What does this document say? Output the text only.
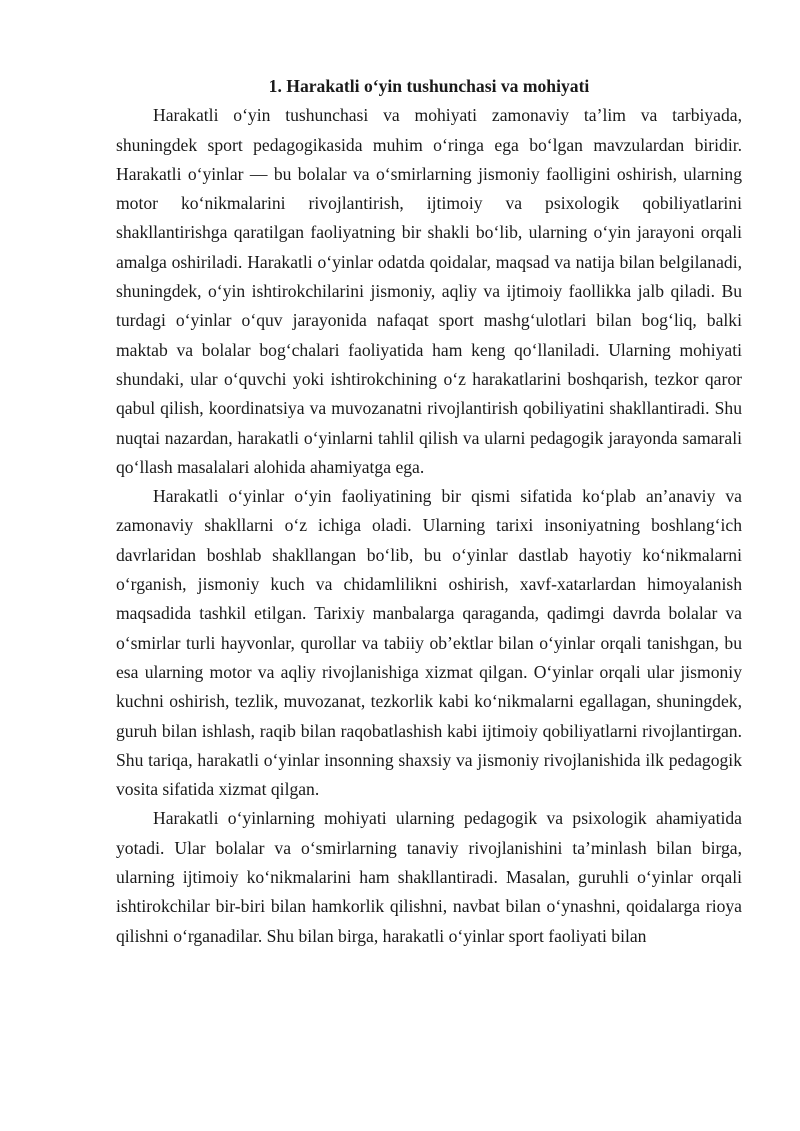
1. Harakatli o‘yin tushunchasi va mohiyati

Harakatli o‘yin tushunchasi va mohiyati zamonaviy ta’lim va tarbiyada, shuningdek sport pedagogikasida muhim o‘ringa ega bo‘lgan mavzulardan biridir. Harakatli o‘yinlar — bu bolalar va o‘smirlarning jismoniy faolligini oshirish, ularning motor ko‘nikmalarini rivojlantirish, ijtimoiy va psixologik qobiliyatlarini shakllantirishga qaratilgan faoliyatning bir shakli bo‘lib, ularning o‘yin jarayoni orqali amalga oshiriladi. Harakatli o‘yinlar odatda qoidalar, maqsad va natija bilan belgilanadi, shuningdek, o‘yin ishtirokchilarini jismoniy, aqliy va ijtimoiy faollikka jalb qiladi. Bu turdagi o‘yinlar o‘quv jarayonida nafaqat sport mashg‘ulotlari bilan bog‘liq, balki maktab va bolalar bog‘chalari faoliyatida ham keng qo‘llaniladi. Ularning mohiyati shundaki, ular o‘quvchi yoki ishtirokchining o‘z harakatlarini boshqarish, tezkor qaror qabul qilish, koordinatsiya va muvozanatni rivojlantirish qobiliyatini shakllantiradi. Shu nuqtai nazardan, harakatli o‘yinlarni tahlil qilish va ularni pedagogik jarayonda samarali qo‘llash masalalari alohida ahamiyatga ega.

Harakatli o‘yinlar o‘yin faoliyatining bir qismi sifatida ko‘plab an’anaviy va zamonaviy shakllarni o‘z ichiga oladi. Ularning tarixi insoniyatning boshlang‘ich davrlaridan boshlab shakllangan bo‘lib, bu o‘yinlar dastlab hayotiy ko‘nikmalarni o‘rganish, jismoniy kuch va chidamlilikni oshirish, xavf-xatarlardan himoyalanish maqsadida tashkil etilgan. Tarixiy manbalarga qaraganda, qadimgi davrda bolalar va o‘smirlar turli hayvonlar, qurollar va tabiiy ob’ektlar bilan o‘yinlar orqali tanishgan, bu esa ularning motor va aqliy rivojlanishiga xizmat qilgan. O‘yinlar orqali ular jismoniy kuchni oshirish, tezlik, muvozanat, tezkorlik kabi ko‘nikmalarni egallagan, shuningdek, guruh bilan ishlash, raqib bilan raqobatlashish kabi ijtimoiy qobiliyatlarni rivojlantirgan. Shu tariqa, harakatli o‘yinlar insonning shaxsiy va jismoniy rivojlanishida ilk pedagogik vosita sifatida xizmat qilgan.

Harakatli o‘yinlarning mohiyati ularning pedagogik va psixologik ahamiyatida yotadi. Ular bolalar va o‘smirlarning tanaviy rivojlanishini ta’minlash bilan birga, ularning ijtimoiy ko‘nikmalarini ham shakllantiradi. Masalan, guruhli o‘yinlar orqali ishtirokchilar bir-biri bilan hamkorlik qilishni, navbat bilan o‘ynashni, qoidalarga rioya qilishni o‘rganadilar. Shu bilan birga, harakatli o‘yinlar sport faoliyati bilan
